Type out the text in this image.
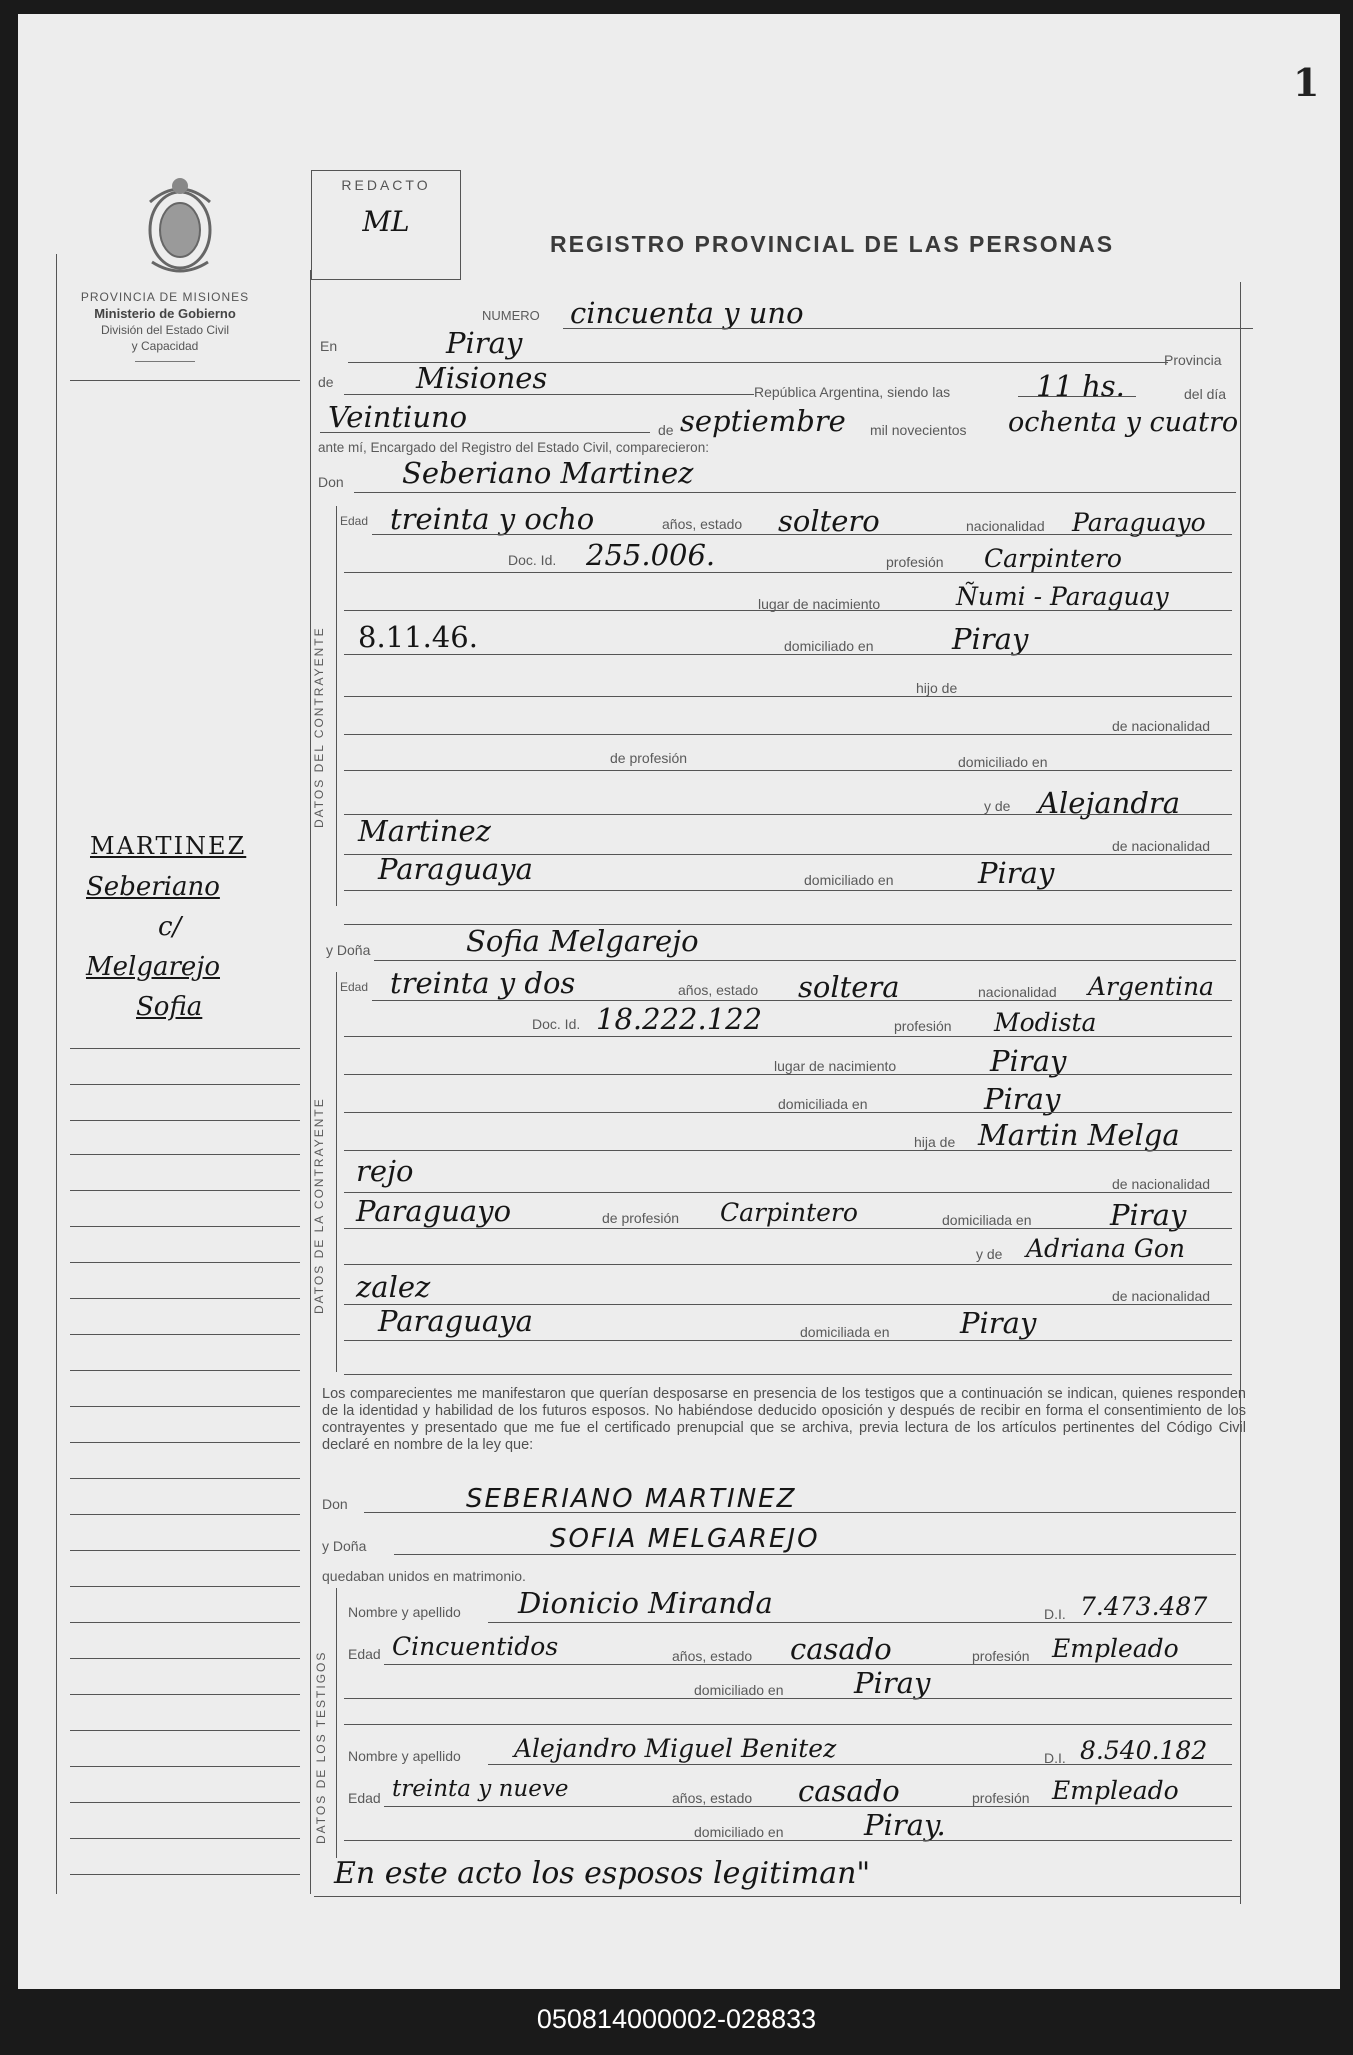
1
PROVINCIA DE MISIONES
Ministerio de Gobierno
División del Estado Civil
y Capacidad
REDACTO
ML
REGISTRO PROVINCIAL DE LAS PERSONAS
MARTINEZ
Seberiano
c/
Melgarejo
Sofia
NUMERO cincuenta y uno
En	Piray	Provincia
de	Misiones	República Argentina, siendo las	11 hs.	del día
Veintiuno	de septiembre mil novecientos ochenta y cuatro
ante mí, Encargado del Registro del Estado Civil, comparecieron:
Don Seberiano Martinez
DATOS DEL CONTRAYENTE
Edad treinta y ocho	años, estado soltero	nacionalidad Paraguayo
Doc. Id. 255.006.	profesión Carpintero
lugar de nacimiento	Ñumi - Paraguay
8.11.46.	domiciliado en	Piray
hijo de
de nacionalidad
de profesión	domiciliado en
y de Alejandra
Martinez	de nacionalidad
Paraguaya	domiciliado en	Piray
y Doña	Sofia Melgarejo
DATOS DE LA CONTRAYENTE
Edad treinta y dos	años, estado soltera	nacionalidad Argentina
Doc. Id. 18.222.122	profesión Modista
lugar de nacimiento	Piray
domiciliada en	Piray
hija de Martin Melga
rejo	de nacionalidad
Paraguayo	de profesión Carpintero	domiciliada en	Piray
y de Adriana Gon
zalez	de nacionalidad
Paraguaya	domiciliada en Piray
Los comparecientes me manifestaron que querían desposarse en presencia de los testigos que a continuación se indican, quienes responden de la identidad y habilidad de los futuros esposos. No habiéndose deducido oposición y después de recibir en forma el consentimiento de los contrayentes y presentado que me fue el certificado prenupcial que se archiva, previa lectura de los artículos pertinentes del Código Civil declaré en nombre de la ley que:
Don	SEBERIANO MARTINEZ
y Doña	SOFIA MELGAREJO
quedaban unidos en matrimonio.
DATOS DE LOS TESTIGOS
Nombre y apellido Dionicio Miranda	D.I. 7.473.487
Edad Cincuentidos	años, estado casado	profesión Empleado
domiciliado en Piray
Nombre y apellido Alejandro Miguel Benitez	D.I. 8.540.182
Edad treinta y nueve	años, estado casado	profesión Empleado
domiciliado en	Piray.
En este acto los esposos legitiman"
050814000002-028833
